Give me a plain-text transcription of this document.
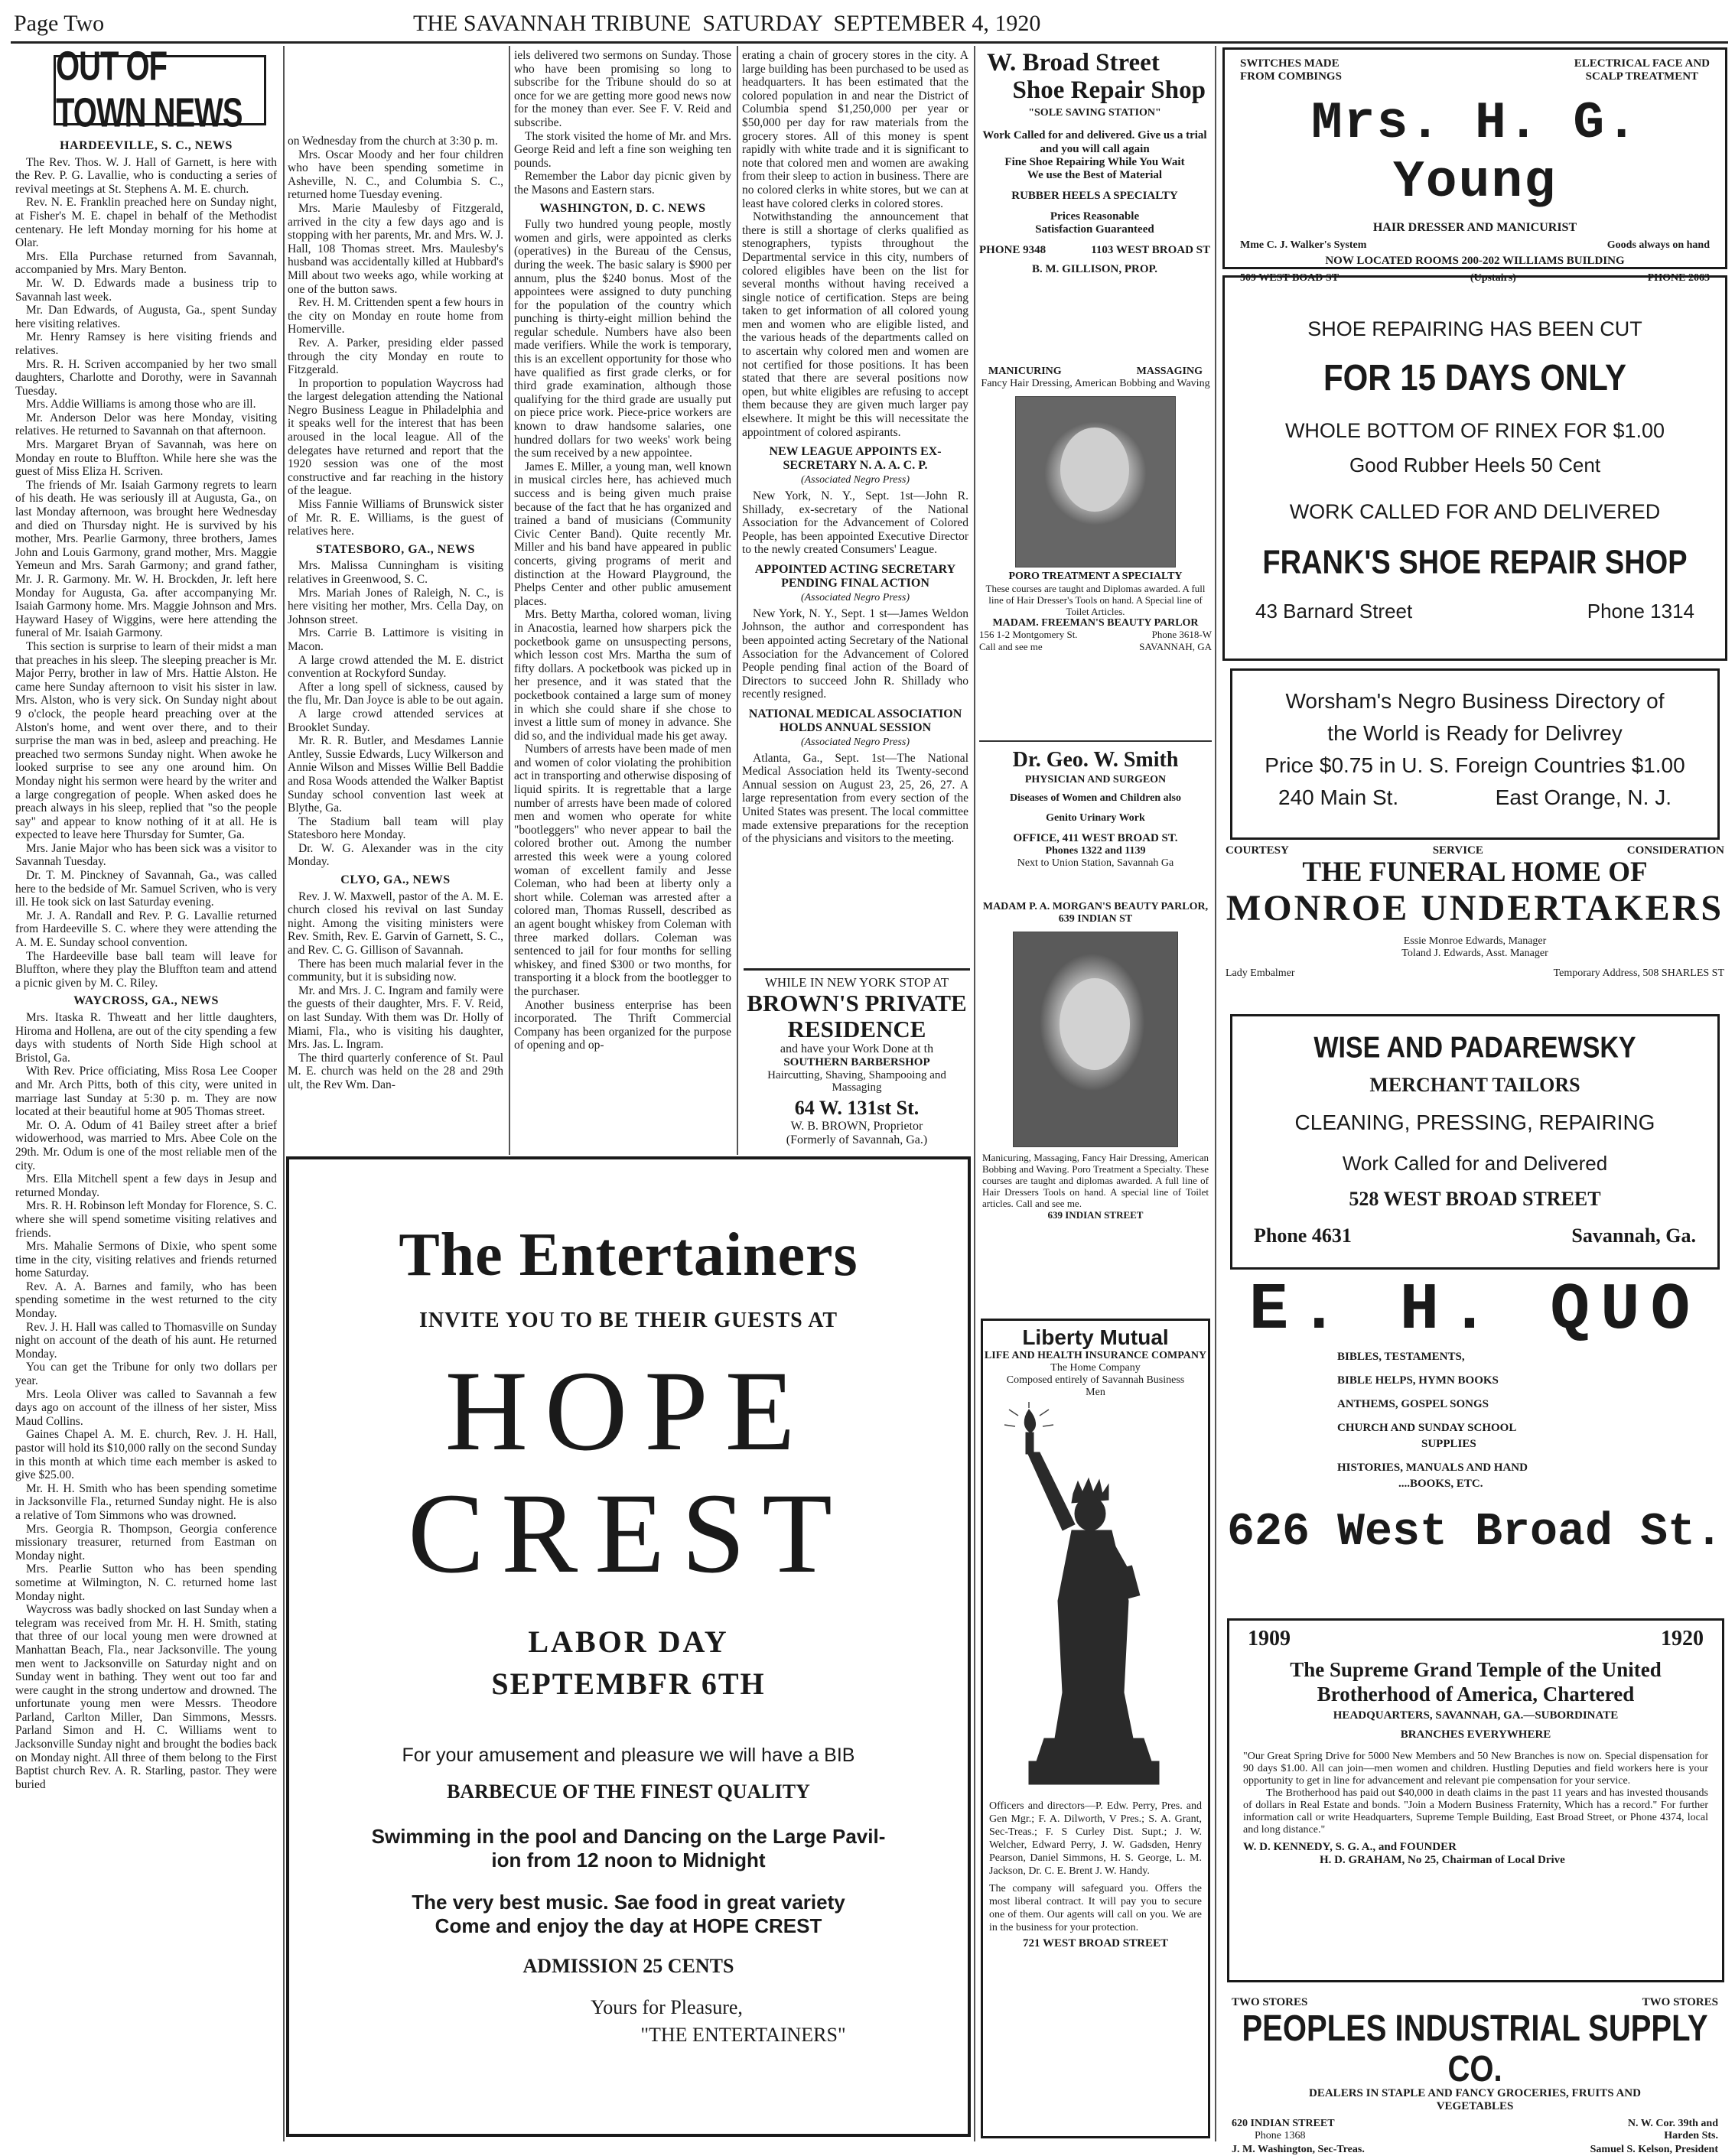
Page Two	THE SAVANNAH TRIBUNE  SATURDAY  SEPTEMBER 4, 1920
OUT OF TOWN NEWS
HARDEEVILLE, S. C., NEWS

The Rev. Thos. W. J. Hall of Garnett, is here with the Rev. P. G. Lavallie, who is conducting a series of revival meetings at St. Stephens A. M. E. church.

Rev. N. E. Franklin preached here on Sunday night, at Fisher's M. E. chapel in behalf of the Methodist centenary. He left Monday morning for his home at Olar.

Mrs. Ella Purchase returned from Savannah, accompanied by Mrs. Mary Benton.

Mr. W. D. Edwards made a business trip to Savannah last week.

Mr. Dan Edwards, of Augusta, Ga., spent Sunday here visiting relatives.

Mr. Henry Ramsey is here visiting friends and relatives.

Mrs. R. H. Scriven accompanied by her two small daughters, Charlotte and Dorothy, were in Savannah Tuesday.

Mrs. Addie Williams is among those who are ill.

Mr. Anderson Delor was here Monday, visiting relatives. He returned to Savannah on that afternoon.

Mrs. Margaret Bryan of Savannah, was here on Monday en route to Bluffton. While here she was the guest of Miss Eliza H. Scriven.

The friends of Mr. Isaiah Garmony regrets to learn of his death. He was seriously ill at Augusta, Ga., on last Monday afternoon, was brought here Wednesday and died on Thursday night. He is survived by his mother, Mrs. Pearlie Garmony, three brothers, James John and Louis Garmony, grand mother, Mrs. Maggie Yemeun and Mrs. Sarah Garmony; and grand father, Mr. J. R. Garmony. Mr. W. H. Brockden, Jr. left here Monday for Augusta, Ga. after accompanying Mr. Isaiah Garmony home. Mrs. Maggie Johnson and Mrs. Hayward Hasey of Wiggins, were here attending the funeral of Mr. Isaiah Garmony.

This section is surprise to learn of their midst a man that preaches in his sleep. The sleeping preacher is Mr. Major Perry, brother in law of Mrs. Hattie Alston. He came here Sunday afternoon to visit his sister in law. Mrs. Alston, who is very sick. On Sunday night about 9 o'clock, the people heard preaching over at the Alston's home, and went over there, and to their surprise the man was in bed, asleep and preaching. He preached two sermons Sunday night. When awoke he looked surprise to see any one around him. On Monday night his sermon were heard by the writer and a large congregation of people. When asked does he preach always in his sleep, replied that "so the people say" and appear to know nothing of it at all. He is expected to leave here Thursday for Sumter, Ga.

Mrs. Janie Major who has been sick was a visitor to Savannah Tuesday.

Dr. T. M. Pinckney of Savannah, Ga., was called here to the bedside of Mr. Samuel Scriven, who is very ill. He took sick on last Saturday evening.

Mr. J. A. Randall and Rev. P. G. Lavallie returned from Hardeeville S. C. where they were attending the A. M. E. Sunday school convention.

The Hardeeville base ball team will leave for Bluffton, where they play the Bluffton team and attend a picnic given by M. C. Riley.

WAYCROSS, GA., NEWS

Mrs. Itaska R. Thweatt and her little daughters, Hiroma and Hollena, are out of the city spending a few days with students of North Side High school at Bristol, Ga.

With Rev. Price officiating, Miss Rosa Lee Cooper and Mr. Arch Pitts, both of this city, were united in marriage last Sunday at 5:30 p. m. They are now located at their beautiful home at 905 Thomas street.

Mr. O. A. Odum of 41 Bailey street after a brief widowerhood, was married to Mrs. Abee Cole on the 29th. Mr. Odum is one of the most reliable men of the city.

Mrs. Ella Mitchell spent a few days in Jesup and returned Monday.

Mrs. R. H. Robinson left Monday for Florence, S. C. where she will spend sometime visiting relatives and friends.

Mrs. Mahalie Sermons of Dixie, who spent some time in the city, visiting relatives and friends returned home Saturday.

Rev. A. A. Barnes and family, who has been spending sometime in the west returned to the city Monday.

Rev. J. H. Hall was called to Thomasville on Sunday night on account of the death of his aunt. He returned Monday.

You can get the Tribune for only two dollars per year.

Mrs. Leola Oliver was called to Savannah a few days ago on account of the illness of her sister, Miss Maud Collins.

Gaines Chapel A. M. E. church, Rev. J. H. Hall, pastor will hold its $10,000 rally on the second Sunday in this month at which time each member is asked to give $25.00.

Mr. H. H. Smith who has been spending sometime in Jacksonville Fla., returned Sunday night. He is also a relative of Tom Simmons who was drowned.

Mrs. Georgia R. Thompson, Georgia conference missionary treasurer, returned from Eastman on Monday night.

Mrs. Pearlie Sutton who has been spending sometime at Wilmington, N. C. returned home last Monday night.

Waycross was badly shocked on last Sunday when a telegram was received from Mr. H. H. Smith, stating that three of our local young men were drowned at Manhattan Beach, Fla., near Jacksonville. The young men went to Jacksonville on Saturday night and on Sunday went in bathing. They went out too far and were caught in the strong undertow and drowned. The unfortunate young men were Messrs. Theodore Parland, Carlton Miller, Dan Simmons, Messrs. Parland Simon and H. C. Williams went to Jacksonville Sunday night and brought the bodies back on Monday night. All three of them belong to the First Baptist church Rev. A. R. Starling, pastor. They were buried

on Wednesday from the church at 3:30 p. m.

Mrs. Oscar Moody and her four children who have been spending sometime in Asheville, N. C., and Columbia S. C., returned home Tuesday evening.

Mrs. Marie Maulesby of Fitzgerald, arrived in the city a few days ago and is stopping with her parents, Mr. and Mrs. W. J. Hall, 108 Thomas street. Mrs. Maulesby's husband was accidentally killed at Hubbard's Mill about two weeks ago, while working at one of the button saws.

Rev. H. M. Crittenden spent a few hours in the city on Monday en route home from Homerville.

Rev. A. Parker, presiding elder passed through the city Monday en route to Fitzgerald.

In proportion to population Waycross had the largest delegation attending the National Negro Business League in Philadelphia and it speaks well for the interest that has been aroused in the local league. All of the delegates have returned and report that the 1920 session was one of the most constructive and far reaching in the history of the league.

Miss Fannie Williams of Brunswick sister of Mr. R. E. Williams, is the guest of relatives here.

STATESBORO, GA., NEWS

Mrs. Malissa Cunningham is visiting relatives in Greenwood, S. C.

Mrs. Mariah Jones of Raleigh, N. C., is here visiting her mother, Mrs. Cella Day, on Johnson street.

Mrs. Carrie B. Lattimore is visiting in Macon.

A large crowd attended the M. E. district convention at Rockyford Sunday.

After a long spell of sickness, caused by the flu, Mr. Dan Joyce is able to be out again.

A large crowd attended services at Brooklet Sunday.

Mr. R. R. Butler, and Mesdames Lannie Antley, Sussie Edwards, Lucy Wilkerson and Annie Wilson and Misses Willie Bell Baddie and Rosa Woods attended the Walker Baptist Sunday school convention last week at Blythe, Ga.

The Stadium ball team will play Statesboro here Monday.

Dr. W. G. Alexander was in the city Monday.

CLYO, GA., NEWS

Rev. J. W. Maxwell, pastor of the A. M. E. church closed his revival on last Sunday night. Among the visiting ministers were Rev. Smith, Rev. E. Garvin of Garnett, S. C., and Rev. C. G. Gillison of Savannah.

There has been much malarial fever in the community, but it is subsiding now.

Mr. and Mrs. J. C. Ingram and family were the guests of their daughter, Mrs. F. V. Reid, on last Sunday. With them was Dr. Holly of Miami, Fla., who is visiting his daughter, Mrs. Jas. L. Ingram.

The third quarterly conference of St. Paul M. E. church was held on the 28 and 29th ult, the Rev Wm. Dan-

iels delivered two sermons on Sunday. Those who have been promising so long to subscribe for the Tribune should do so at once for we are getting more good news now for the money than ever. See F. V. Reid and subscribe.

The stork visited the home of Mr. and Mrs. George Reid and left a fine son weighing ten pounds.

Remember the Labor day picnic given by the Masons and Eastern stars.

WASHINGTON, D. C. NEWS

Fully two hundred young people, mostly women and girls, were appointed as clerks (operatives) in the Bureau of the Census, during the week. The basic salary is $900 per annum, plus the $240 bonus. Most of the appointees were assigned to duty punching for the population of the country which punching is thirty-eight million behind the regular schedule. Numbers have also been made verifiers. While the work is temporary, this is an excellent opportunity for those who have qualified as first grade clerks, or for third grade examination, although those qualifying for the third grade are usually put on piece price work. Piece-price workers are known to draw handsome salaries, one hundred dollars for two weeks' work being the sum received by a new appointee.

James E. Miller, a young man, well known in musical circles here, has achieved much success and is being given much praise because of the fact that he has organized and trained a band of musicians (Community Civic Center Band). Quite recently Mr. Miller and his band have appeared in public concerts, giving programs of merit and distinction at the Howard Playground, the Phelps Center and other public amusement places.

Mrs. Betty Martha, colored woman, living in Anacostia, learned how sharpers pick the pocketbook game on unsuspecting persons, which lesson cost Mrs. Martha the sum of fifty dollars. A pocketbook was picked up in her presence, and it was stated that the pocketbook contained a large sum of money in which she could share if she chose to invest a little sum of money in advance. She did so, and the individual made his get away.

Numbers of arrests have been made of men and women of color violating the prohibition act in transporting and otherwise disposing of liquid spirits. It is regrettable that a large number of arrests have been made of colored men and women who operate for white "bootleggers" who never appear to bail the colored brother out. Among the number arrested this week were a young colored woman of excellent family and Jesse Coleman, who had been at liberty only a short while. Coleman was arrested after a colored man, Thomas Russell, described as an agent bought whiskey from Coleman with three marked dollars. Coleman was sentenced to jail for four months for selling whiskey, and fined $300 or two months, for transporting it a block from the bootlegger to the purchaser.

Another business enterprise has been incorporated. The Thrift Commercial Company has been organized for the purpose of opening and op-

erating a chain of grocery stores in the city. A large building has been purchased to be used as headquarters. It has been estimated that the colored population in and near the District of Columbia spend $1,250,000 per year or $50,000 per day for raw materials from the grocery stores. All of this money is spent rapidly with white trade and it is significant to note that colored men and women are awaking from their sleep to action in business. There are no colored clerks in white stores, but we can at least have colored clerks in colored stores.

Notwithstanding the announcement that there is still a shortage of clerks qualified as stenographers, typists throughout the Departmental service in this city, numbers of colored eligibles have been on the list for several months without having received a single notice of certification. Steps are being taken to get information of all colored young men and women who are eligible listed, and the various heads of the departments called on to ascertain why colored men and women are not certified for those positions. It has been stated that there are several positions now open, but white eligibles are refusing to accept them because they are given much larger pay elsewhere. It might be this will necessitate the appointment of colored aspirants.

NEW LEAGUE APPOINTS EX-SECRETARY N. A. A. C. P.
(Associated Negro Press)

New York, N. Y., Sept. 1st—John R. Shillady, ex-secretary of the National Association for the Advancement of Colored People, has been appointed Executive Director to the newly created Consumers' League.

APPOINTED ACTING SECRETARY PENDING FINAL ACTION
(Associated Negro Press)

New York, N. Y., Sept. 1 st—James Weldon Johnson, the author and correspondent has been appointed acting Secretary of the National Association for the Advancement of Colored People pending final action of the Board of Directors to succeed John R. Shillady who recently resigned.

NATIONAL MEDICAL ASSOCIATION HOLDS ANNUAL SESSION
(Associated Negro Press)

Atlanta, Ga., Sept. 1st—The National Medical Association held its Twenty-second Annual session on August 23, 25, 26, 27. A large representation from every section of the United States was present. The local committee made extensive preparations for the reception of the physicians and visitors to the meeting.

WHILE IN NEW YORK STOP AT
BROWN'S PRIVATE
RESIDENCE
and have your Work Done at th
SOUTHERN BARBERSHOP
Haircutting, Shaving, Shampooing and Massaging
64 W. 131st St.
W. B. BROWN, Proprietor
(Formerly of Savannah, Ga.)
The Entertainers
INVITE YOU TO BE THEIR GUESTS AT
HOPE
CREST
LABOR DAY
SEPTEMBFR 6TH
For your amusement and pleasure we will have a BIB
BARBECUE OF THE FINEST QUALITY
Swimming in the pool and Dancing on the Large Pavil-
ion from 12 noon to Midnight
The very best music. Sae food in great variety
Come and enjoy the day at HOPE CREST
ADMISSION 25 CENTS
Yours for Pleasure,
"THE ENTERTAINERS"
W. Broad Street
Shoe Repair Shop
"SOLE SAVING STATION"
Work Called for and delivered. Give us a trial and you will call again
Fine Shoe Repairing While You Wait
We use the Best of Material
RUBBER HEELS A SPECIALTY
Prices Reasonable
Satisfaction Guaranteed
PHONE 9348	1103 WEST BROAD ST
B. M. GILLISON, PROP.
MANICURING	MASSAGING
Fancy Hair Dressing, American Bobbing and Waving
PORO TREATMENT A SPECIALTY
These courses are taught and Diplomas awarded. A full line of Hair Dresser's Tools on hand. A Special line of Toilet Articles.
MADAM. FREEMAN'S BEAUTY PARLOR
156 1-2 Montgomery St.	Phone 3618-W
Call and see me	SAVANNAH, GA
Dr. Geo. W. Smith
PHYSICIAN AND SURGEON
Diseases of Women and Children also
Genito Urinary Work
OFFICE, 411 WEST BROAD ST.
Phones 1322 and 1139
Next to Union Station, Savannah Ga
MADAM P. A. MORGAN'S BEAUTY PARLOR, 639 INDIAN ST
Manicuring, Massaging, Fancy Hair Dressing, American Bobbing and Waving. Poro Treatment a Specialty. These courses are taught and diplomas awarded. A full line of Hair Dressers Tools on hand. A special line of Toilet articles. Call and see me.
639 INDIAN STREET
Liberty Mutual
LIFE AND HEALTH INSURANCE COMPANY
The Home Company
Composed entirely of Savannah Business Men
Officers and directors—P. Edw. Perry, Pres. and Gen Mgr.; F. A. Dilworth, V Pres.; S. A. Grant, Sec-Treas.; F. S Curley Dist. Supt.; J. W. Welcher, Edward Perry, J. W. Gadsden, Henry Pearson, Daniel Simmons, H. S. George, L. M. Jackson, Dr. C. E. Brent J. W. Handy.
The company will safeguard you. Offers the most liberal contract. It will pay you to secure one of them. Our agents will call on you. We are in the business for your protection.
721 WEST BROAD STREET
SWITCHES MADE
FROM COMBINGS
ELECTRICAL FACE AND
SCALP TREATMENT
Mrs. H. G. Young
HAIR DRESSER AND MANICURIST
Mme C. J. Walker's System	Goods always on hand
NOW LOCATED ROOMS 200-202 WILLIAMS BUILDING
509 WEST BOAD ST	(Upstairs)	PHONE 2063
SHOE REPAIRING HAS BEEN CUT
FOR 15 DAYS ONLY
WHOLE BOTTOM OF RINEX FOR $1.00
Good Rubber Heels 50 Cent
WORK CALLED FOR AND DELIVERED
FRANK'S SHOE REPAIR SHOP
43 Barnard Street	Phone 1314
Worsham's Negro Business Directory of
the World is Ready for Delivrey
Price $0.75 in U. S. Foreign Countries $1.00
240 Main St.	East Orange, N. J.
COURTESY	SERVICE	CONSIDERATION
THE FUNERAL HOME OF
MONROE UNDERTAKERS
Essie Monroe Edwards, Manager
Toland J. Edwards, Asst. Manager
Lady Embalmer	Temporary Address, 508 SHARLES ST
WISE AND PADAREWSKY
MERCHANT TAILORS
CLEANING, PRESSING, REPAIRING
Work Called for and Delivered
528 WEST BROAD STREET
Phone 4631	Savannah, Ga.
E. H. QUO
BIBLES, TESTAMENTS,
BIBLE HELPS, HYMN BOOKS
ANTHEMS, GOSPEL SONGS
CHURCH AND SUNDAY SCHOOL
SUPPLIES
HISTORIES, MANUALS AND HAND
....BOOKS, ETC.
626 West Broad St.
1909	1920
The Supreme Grand Temple of the United Brotherhood of America, Chartered
HEADQUARTERS, SAVANNAH, GA.—SUBORDINATE
BRANCHES EVERYWHERE
"Our Great Spring Drive for 5000 New Members and 50 New Branches is now on. Special dispensation for 90 days $1.00. All can join—men women and children. Hustling Deputies and field workers here is your opportunity to get in line for advancement and relevant pie compensation for your service.
The Brotherhood has paid out $40,000 in death claims in the past 11 years and has invested thousands of dollars in Real Estate and bonds. "Join a Modern Business Fraternity, Which has a record." For further information call or write Headquarters, Supreme Temple Building, East Broad Street, or Phone 4374, local and long distance."
W. D. KENNEDY, S. G. A., and FOUNDER
H. D. GRAHAM, No 25, Chairman of Local Drive
TWO STORES	TWO STORES
PEOPLES INDUSTRIAL SUPPLY CO.
DEALERS IN STAPLE AND FANCY GROCERIES, FRUITS AND VEGETABLES
620 INDIAN STREET
Phone 1368
N. W. Cor. 39th and
Harden Sts.
J. M. Washington, Sec-Treas.	Samuel S. Kelson, President
